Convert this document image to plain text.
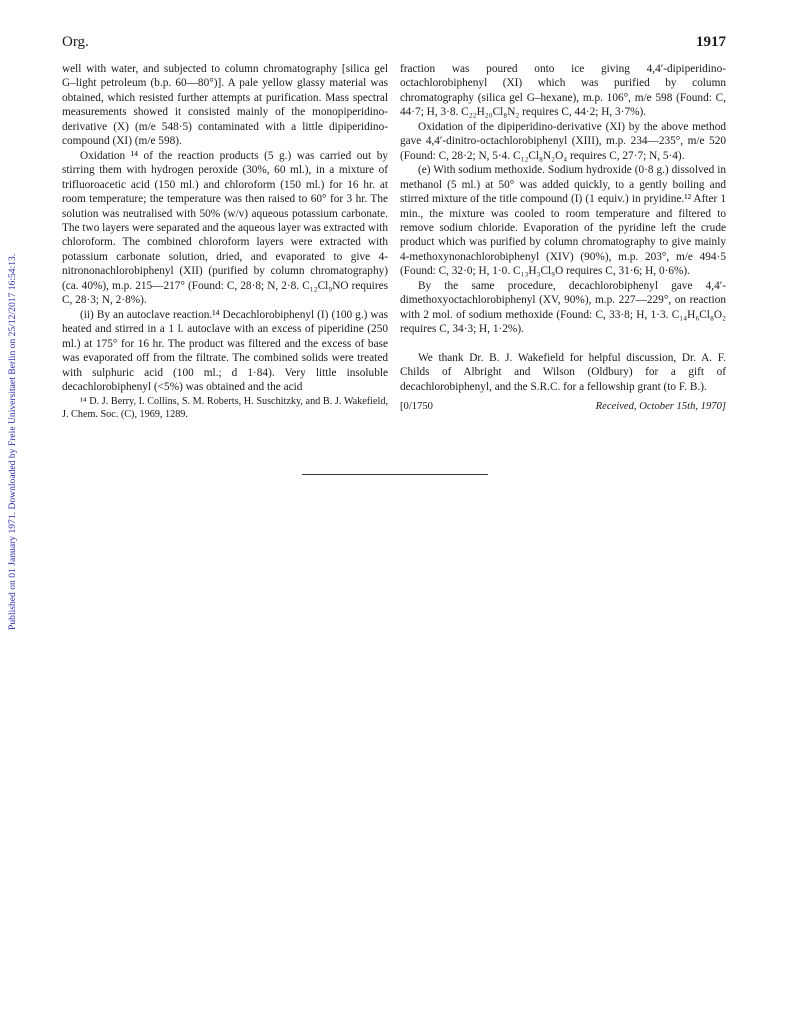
Published on 01 January 1971. Downloaded by Freie Universitaet Berlin on 25/12/2017 16:54:13.
Org.	1917

well with water, and subjected to column chromatography [silica gel G–light petroleum (b.p. 60—80°)]. A pale yellow glassy material was obtained, which resisted further attempts at purification. Mass spectral measurements showed it consisted mainly of the monopiperidino-derivative (X) (m/e 548·5) contaminated with a little dipiperidino-compound (XI) (m/e 598).

Oxidation ¹⁴ of the reaction products (5 g.) was carried out by stirring them with hydrogen peroxide (30%, 60 ml.), in a mixture of trifluoroacetic acid (150 ml.) and chloroform (150 ml.) for 16 hr. at room temperature; the temperature was then raised to 60° for 3 hr. The solution was neutralised with 50% (w/v) aqueous potassium carbonate. The two layers were separated and the aqueous layer was extracted with chloroform. The combined chloroform layers were extracted with potassium carbonate solution, dried, and evaporated to give 4-nitrononachlorobiphenyl (XII) (purified by column chromatography) (ca. 40%), m.p. 215—217° (Found: C, 28·8; N, 2·8. C₁₂Cl₉NO requires C, 28·3; N, 2·8%).

(ii) By an autoclave reaction.¹⁴ Decachlorobiphenyl (I) (100 g.) was heated and stirred in a 1 l. autoclave with an excess of piperidine (250 ml.) at 175° for 16 hr. The product was filtered and the excess of base was evaporated off from the filtrate. The combined solids were treated with sulphuric acid (100 ml.; d 1·84). Very little insoluble decachlorobiphenyl (<5%) was obtained and the acid

¹⁴ D. J. Berry, I. Collins, S. M. Roberts, H. Suschitzky, and B. J. Wakefield, J. Chem. Soc. (C), 1969, 1289.

fraction was poured onto ice giving 4,4′-dipiperidino-octachlorobiphenyl (XI) which was purified by column chromatography (silica gel G–hexane), m.p. 106°, m/e 598 (Found: C, 44·7; H, 3·8. C₂₂H₂₀Cl₈N₂ requires C, 44·2; H, 3·7%).

Oxidation of the dipiperidino-derivative (XI) by the above method gave 4,4′-dinitro-octachlorobiphenyl (XIII), m.p. 234—235°, m/e 520 (Found: C, 28·2; N, 5·4. C₁₂Cl₈N₂O₄ requires C, 27·7; N, 5·4).

(e) With sodium methoxide. Sodium hydroxide (0·8 g.) dissolved in methanol (5 ml.) at 50° was added quickly, to a gently boiling and stirred mixture of the title compound (I) (1 equiv.) in pryidine.¹² After 1 min., the mixture was cooled to room temperature and filtered to remove sodium chloride. Evaporation of the pyridine left the crude product which was purified by column chromatography to give mainly 4-methoxynonachlorobiphenyl (XIV) (90%), m.p. 203°, m/e 494·5 (Found: C, 32·0; H, 1·0. C₁₃H₃Cl₉O requires C, 31·6; H, 0·6%).

By the same procedure, decachlorobiphenyl gave 4,4′-dimethoxyoctachlorobiphenyl (XV, 90%), m.p. 227—229°, on reaction with 2 mol. of sodium methoxide (Found: C, 33·8; H, 1·3. C₁₄H₆Cl₈O₂ requires C, 34·3; H, 1·2%).

We thank Dr. B. J. Wakefield for helpful discussion, Dr. A. F. Childs of Albright and Wilson (Oldbury) for a gift of decachlorobiphenyl, and the S.R.C. for a fellowship grant (to F. B.).

[0/1750	Received, October 15th, 1970]
